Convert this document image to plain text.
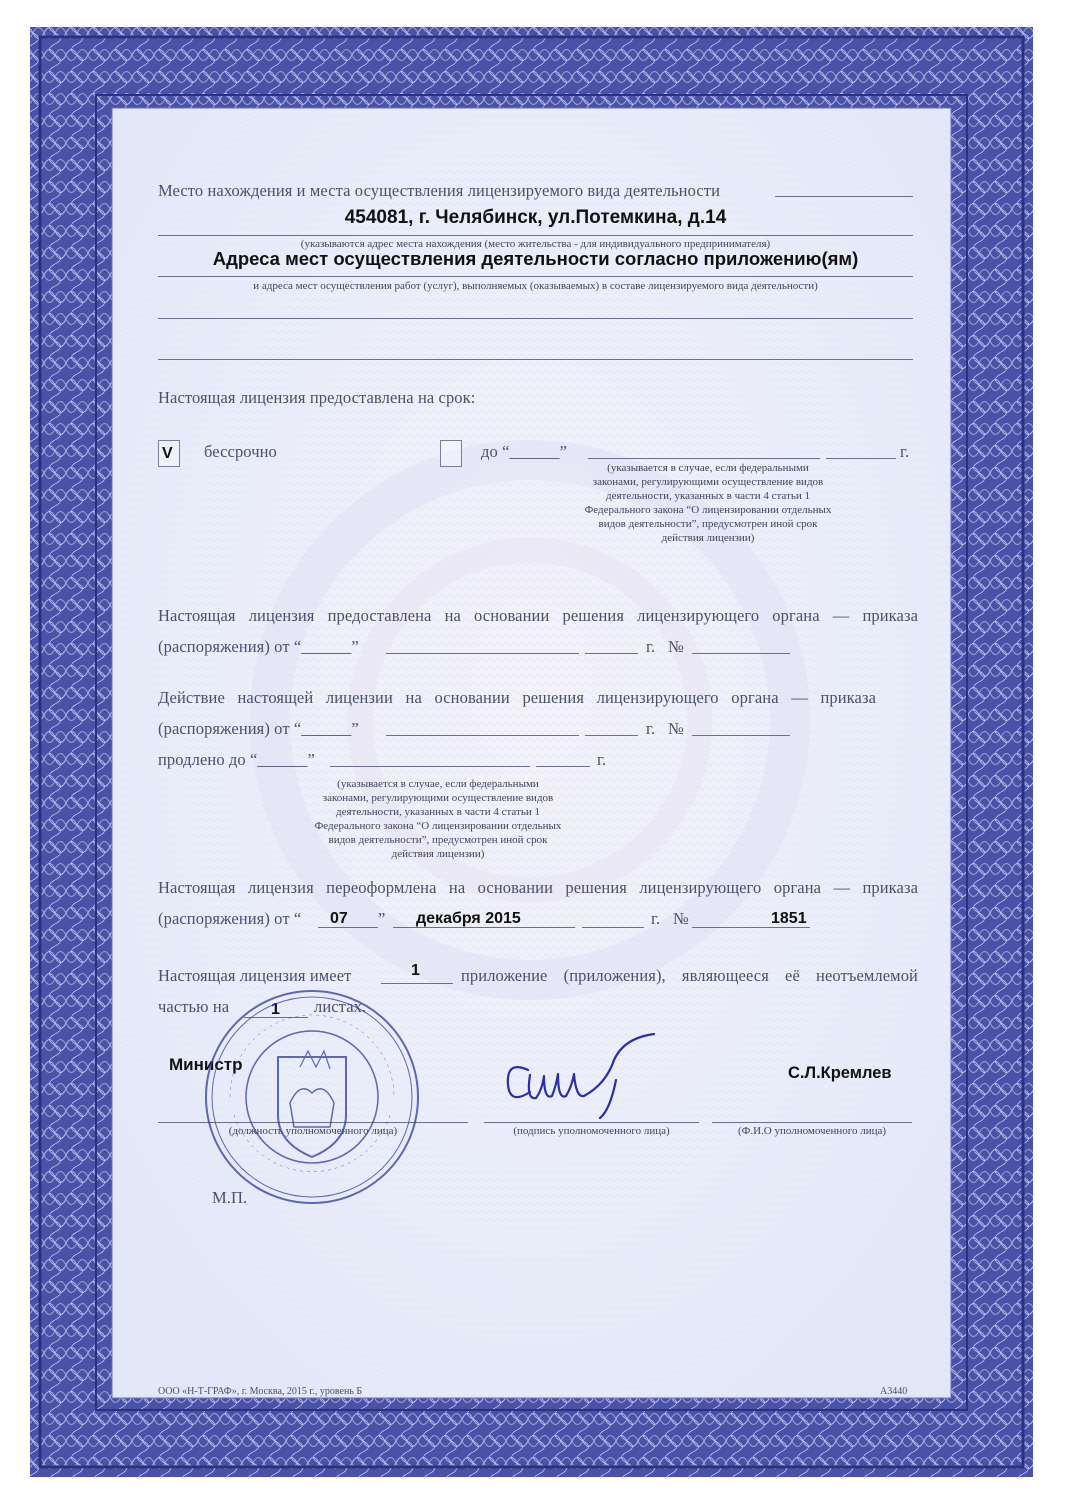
Место нахождения и места осуществления лицензируемого вида деятельности
454081, г. Челябинск, ул.Потемкина, д.14
(указываются адрес места нахождения (место жительства - для индивидуального предпринимателя)
Адреса мест осуществления деятельности согласно приложению(ям)
и адреса мест осуществления работ (услуг), выполняемых (оказываемых) в составе лицензируемого вида деятельности)
Настоящая лицензия предоставлена на срок:
V бессрочно	до “______”	г.
(указывается в случае, если федеральными
законами, регулирующими осуществление видов
деятельности, указанных в части 4 статьи 1
Федерального закона “О лицензировании отдельных
видов деятельности”, предусмотрен иной срок
действия лицензии)
Настоящая лицензия предоставлена на основании решения лицензирующего органа — приказа
(распоряжения) от “______”	г. №
Действие настоящей лицензии на основании решения лицензирующего органа — приказа
(распоряжения) от “______”	г. №
продлено до “______”	г.
(указывается в случае, если федеральными
законами, регулирующими осуществление видов
деятельности, указанных в части 4 статьи 1
Федерального закона “О лицензировании отдельных
видов деятельности”, предусмотрен иной срок
действия лицензии)
Настоящая лицензия переоформлена на основании решения лицензирующего органа — приказа
(распоряжения) от “ 07 ” декабря 2015	г. №	1851
Настоящая лицензия имеет	1 приложение (приложения), являющееся её неотъемлемой
частью на	1 листах.
Министр
(должность уполномоченного лица)	(подпись уполномоченного лица)
С.Л.Кремлев
(Ф.И.О уполномоченного лица)
М.П.
ООО «Н-Т-ГРАФ», г. Москва, 2015 г., уровень Б	А3440
